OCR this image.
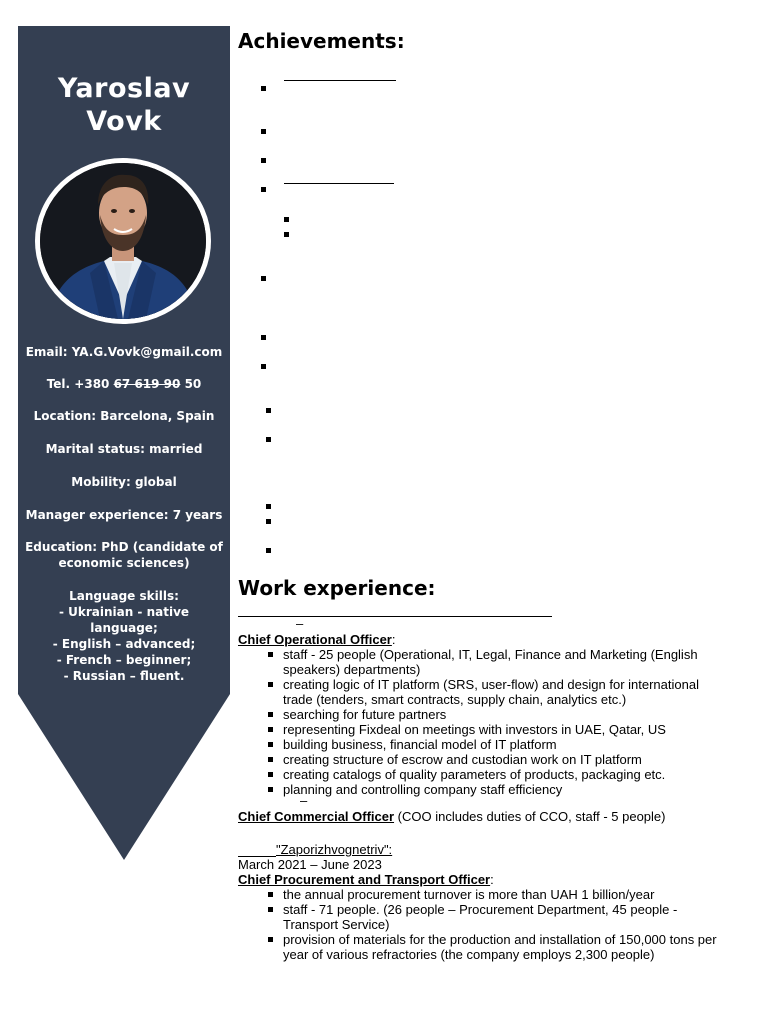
Yaroslav
Vovk
Email: YA.G.Vovk@gmail.com
Tel. +380 67 619 90 50
Location: Barcelona, Spain
Marital status: married
Mobility: global
Manager experience: 7 years
Education: PhD (candidate of
economic sciences)
Language skills:
- Ukrainian - native language;
- English – advanced;
- French – beginner;
- Russian – fluent.
Achievements:
Work experience:
–
Chief Operational Officer:
staff - 25 people (Operational, IT, Legal, Finance and Marketing (English speakers) departments)
creating logic of IT platform (SRS, user-flow) and design for international trade (tenders, smart contracts, supply chain, analytics etc.)
searching for future partners
representing Fixdeal on meetings with investors in UAE, Qatar, US
building business, financial model of IT platform
creating structure of escrow and custodian work on IT platform
creating catalogs of quality parameters of products, packaging etc.
planning and controlling company staff efficiency
–
Chief Commercial Officer (COO includes duties of CCO, staff - 5 people)
"Zaporizhvognetriv":
March 2021 – June 2023
Chief Procurement and Transport Officer:
the annual procurement turnover is more than UAH 1 billion/year
staff - 71 people. (26 people – Procurement Department, 45 people - Transport Service)
provision of materials for the production and installation of 150,000 tons per year of various refractories (the company employs 2,300 people)
